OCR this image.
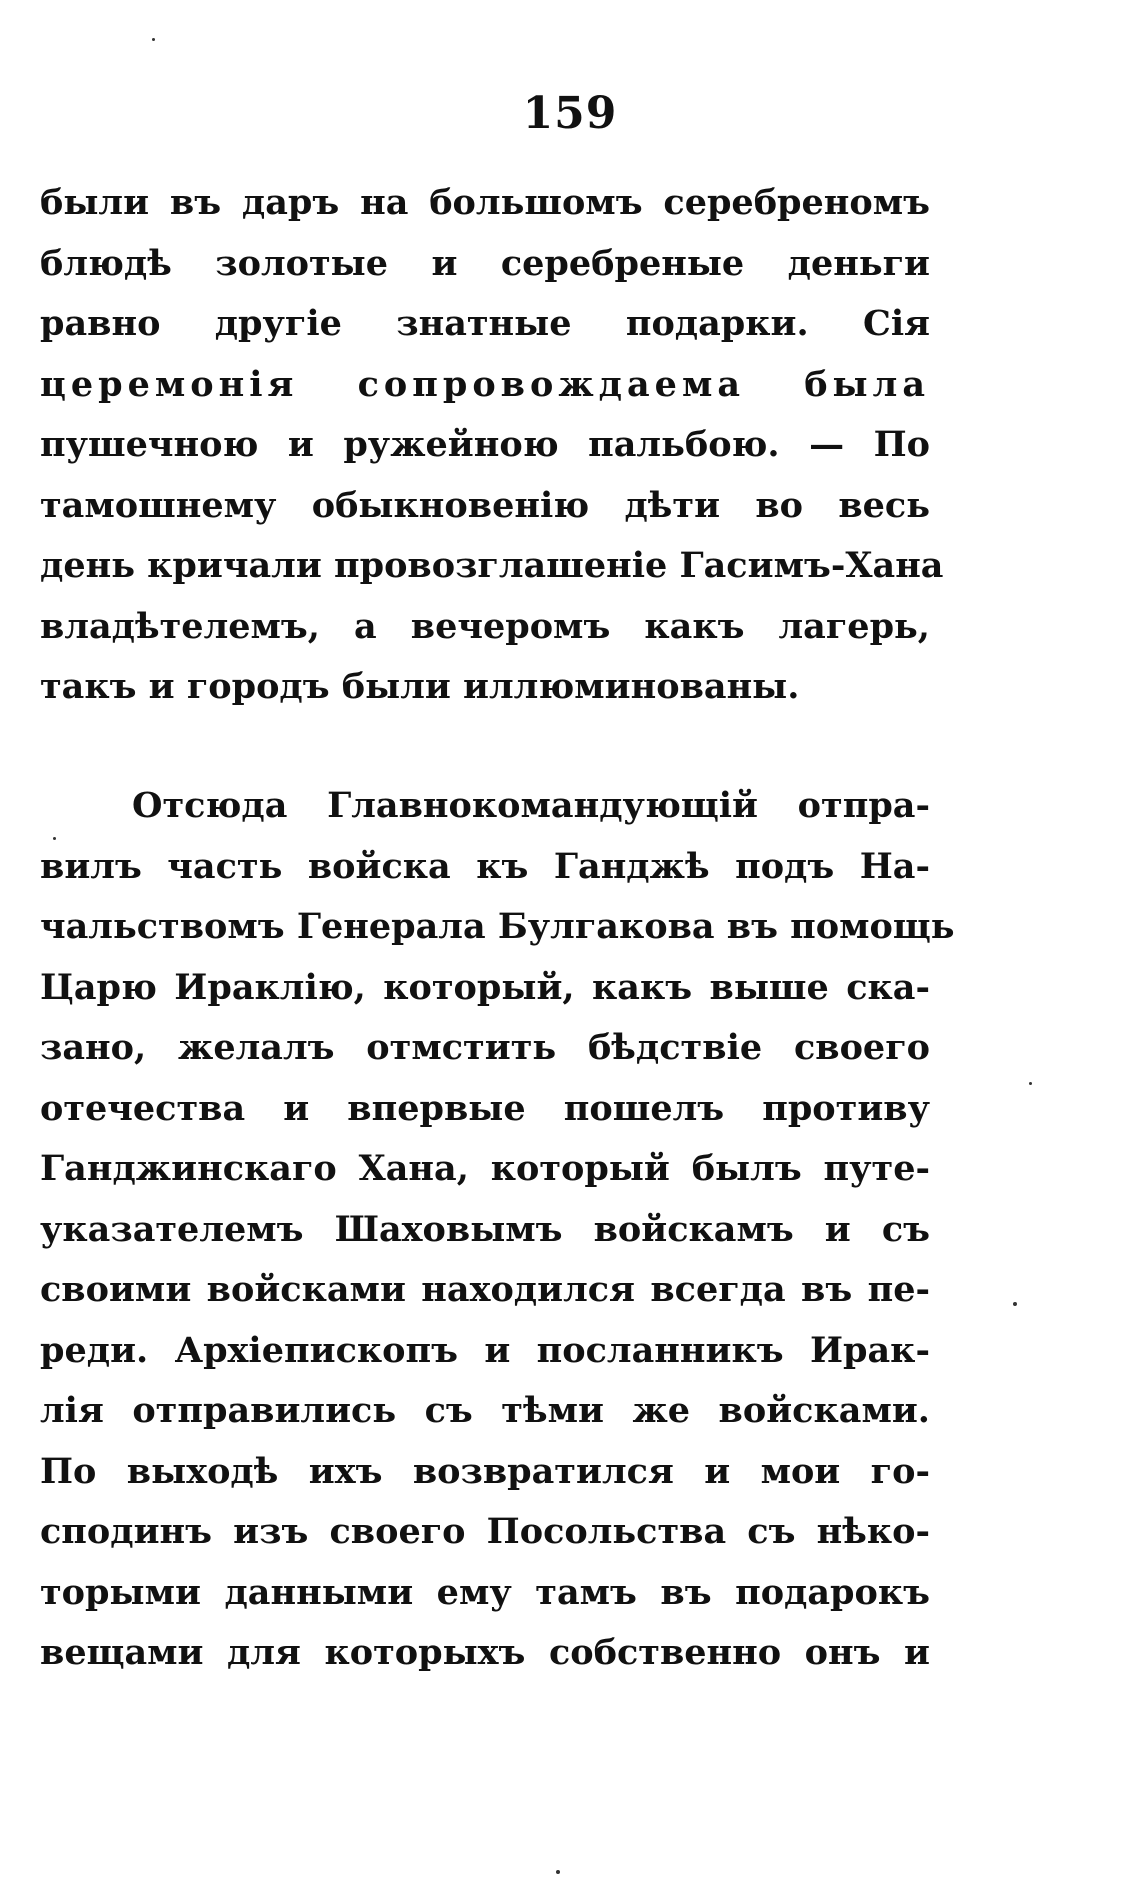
159
были въ даръ на большомъ серебреномъ
блюдѣ золотые и серебреные деньги
равно другіе знатные подарки. Сія
церемонія сопровождаема была
пушечною и ружейною пальбою. — По
тамошнему обыкновенію дѣти во весь
день кричали провозглашеніе Гасимъ-Хана
владѣтелемъ, а вечеромъ какъ лагерь,
такъ и городъ были иллюминованы.
Отсюда Главнокомандующій отпра-
вилъ часть войска къ Ганджѣ подъ На-
чальствомъ Генерала Булгакова въ помощь
Царю Ираклію, который, какъ выше ска-
зано, желалъ отмстить бѣдствіе своего
отечества и впервые пошелъ противу
Ганджинскаго Хана, который былъ путе-
указателемъ Шаховымъ войскамъ и съ
своими войсками находился всегда въ пе-
реди. Архіепископъ и посланникъ Ирак-
лія отправились съ тѣми же войсками.
По выходѣ ихъ возвратился и мои го-
сподинъ изъ своего Посольства съ нѣко-
торыми данными ему тамъ въ подарокъ
вещами для которыхъ собственно онъ и
